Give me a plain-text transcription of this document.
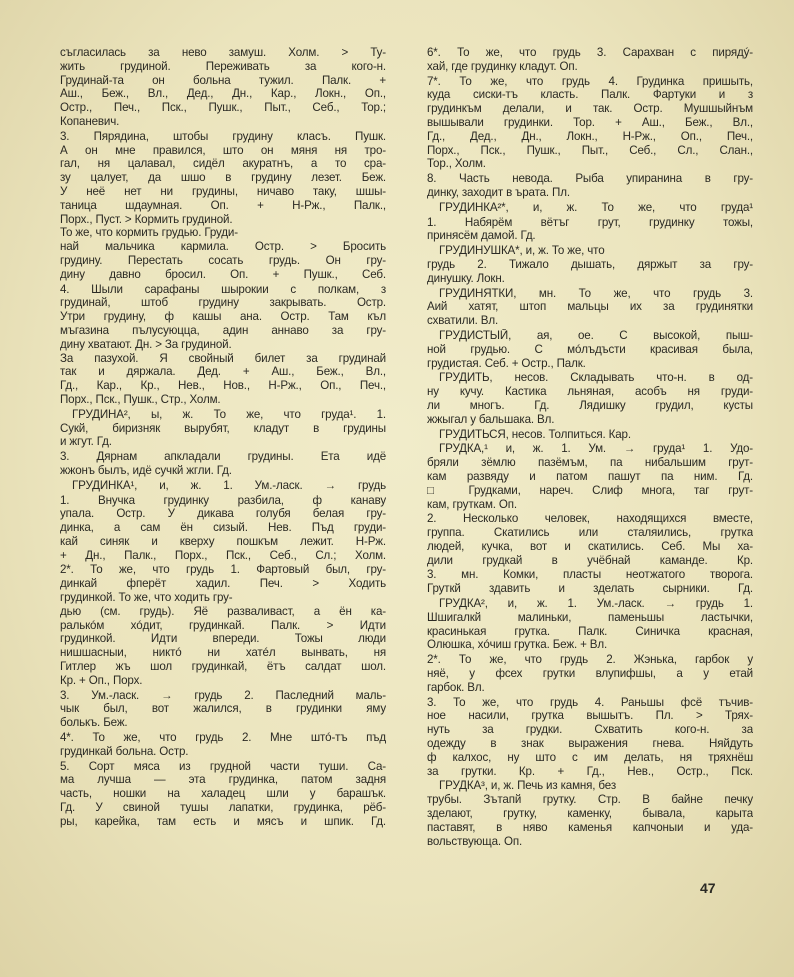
съгласилась за нево замуш. Холм. > Ту-
жить грудиной. Переживать за кого-н.
Грудинай-та он больна тужил. Палк. +
Аш., Беж., Вл., Дед., Дн., Кар., Локн., Оп.,
Остр., Печ., Пск., Пушк., Пыт., Себ., Тор.;
Копаневич.
3. Пярядина, штобы грудину класъ. Пушк.
А он мне правился, што он мяня ня тро-
гал, ня цалавал, сидёл акуратнъ, а то сра-
зу цалует, да шшо в грудину лезет. Беж.
У неё нет ни грудины, ничаво таку, шшы-
таница шдаумная. Оп. + Н-Рж., Палк.,
Порх., Пуст. > Кормить грудиной.
То же, что кормить грудью. Груди-
най мальчика кармила. Остр. > Бросить
грудину. Перестать сосать грудь. Он гру-
дину давно бросил. Оп. + Пушк., Себ.
4. Шыли сарафаны шырокии с полкам, з
грудинай, штоб грудину закрывать. Остр.
Утри грудину, ф кашы ана. Остр. Там къл
мъгазина пълусуюцца, адин аннаво за гру-
дину хватают. Дн. > За грудиной.
За пазухой. Я свойный билет за грудинай
так и дяржала. Дед. + Аш., Беж., Вл.,
Гд., Кар., Кр., Нев., Нов., Н-Рж., Оп., Печ.,
Порх., Пск., Пушк., Стр., Холм.
ГРУДИНА², ы, ж. То же, что груда¹. 1.
Сукй, биризняк вырубят, кладут в грудины
и жгут. Гд.
3. Дярнам апкладали грудины. Ета идё
жжонъ былъ, идё сучкй жгли. Гд.
ГРУДИНКА¹, и, ж. 1. Ум.-ласк. → грудь
1. Внучка грудинку разбила, ф канаву
упала. Остр. У дикава голубя белая гру-
динка, а сам ён сизый. Нев. Пъд груди-
кай синяк и кверху пошкъм лежит. Н-Рж.
+ Дн., Палк., Порх., Пск., Себ., Сл.; Холм.
2*. То же, что грудь 1. Фартовый был, гру-
динкай фперёт хадил. Печ. > Ходить
грудинкой. То же, что ходить гру-
дью (см. грудь). Яё разваливаст, а ён ка-
ралькóм хóдит, грудинкай. Палк. > Идти
грудинкой. Идти впереди. Тожы люди
нишшасныи, никтó ни хатéл вынвать, ня
Гитлер жъ шол грудинкай, ётъ салдат шол.
Кр. + Оп., Порх.
3. Ум.-ласк. → грудь 2. Паследний маль-
чык был, вот жалился, в грудинки яму
болькъ. Беж.
4*. То же, что грудь 2. Мне штó-тъ пъд
грудинкай больна. Остр.
5. Сорт мяса из грудной части туши. Са-
ма лучша — эта грудинка, патом задня
часть, ношки на халадец шли у барашък.
Гд. У свиной тушы лапатки, грудинка, рёб-
ры, карейка, там есть и мясъ и шпик. Гд.
6*. То же, что грудь 3. Сарахван с пирядý-
хай, где грудинку кладут. Оп.
7*. То же, что грудь 4. Грудинка пришыть,
куда сиски-тъ класть. Палк. Фартуки и з
грудинкъм делали, и так. Остр. Мушшыйнъм
вышывали грудинки. Тор. + Аш., Беж., Вл.,
Гд., Дед., Дн., Локн., Н-Рж., Оп., Печ.,
Порх., Пск., Пушк., Пыт., Себ., Сл., Слан.,
Тор., Холм.
8. Часть невода. Рыба упиранина в гру-
динку, заходит в ърата. Пл.
ГРУДИНКА²*, и, ж. То же, что груда¹
1. Набярём вётъг грут, грудинку тожы,
принясём дамой. Гд.
ГРУДИНУШКА*, и, ж. То же, что
грудь 2. Тижало дышать, дяржыт за гру-
динушку. Локн.
ГРУДИНЯТКИ, мн. То же, что грудь 3.
Аий хатят, штоп мальцы их за грудинятки
схватили. Вл.
ГРУДИСТЫЙ, ая, ое. С высокой, пыш-
ной грудью. С мóлъдъсти красивая была,
грудистая. Себ. + Остр., Палк.
ГРУДИТЬ, несов. Складывать что-н. в од-
ну кучу. Кастика льняная, асобъ ня груди-
ли многъ. Гд. Лядишку грудил, кусты
жжыгал у бальшака. Вл.
ГРУДИТЬСЯ, несов. Толпиться. Кар.
ГРУДКА,¹ и, ж. 1. Ум. → груда¹ 1. Удо-
бряли зёмлю пазёмъм, па нибальшим грут-
кам развяду и патом пашут па ним. Гд.
□ Грудками, нареч. Слиф многа, таг грут-
кам, груткам. Оп.
2. Несколько человек, находящихся вместе,
группа. Скатились или сталяились, грутка
людей, кучка, вот и скатились. Себ. Мы ха-
дили грудкай в учёбнай каманде. Кр.
3. мн. Комки, пласты неотжатого творога.
Груткй здавить и зделать сырники. Гд.
ГРУДКА², и, ж. 1. Ум.-ласк. → грудь 1.
Шшигалкй малиньки, паменьшы ластычки,
красинькая грутка. Палк. Синичка красная,
Олюшка, хóчиш грутка. Беж. + Вл.
2*. То же, что грудь 2. Жэнька, гарбок у
няё, у фсех грутки влупифшы, а у етай
гарбок. Вл.
3. То же, что грудь 4. Раньшы фсё тъчив-
ное насили, грутка вышытъ. Пл. > Трях-
нуть за грудки. Схватить кого-н. за
одежду в знак выражения гнева. Няйдуть
ф калхос, ну што с им делать, ня тряхнёш
за грутки. Кр. + Гд., Нев., Остр., Пск.
ГРУДКА³, и, ж. Печь из камня, без
трубы. Зътапй грутку. Стр. В байне печку
зделают, грутку, каменку, бывала, карыта
паставят, в няво каменья капчоныи и уда-
вольствующа. Оп.
47
